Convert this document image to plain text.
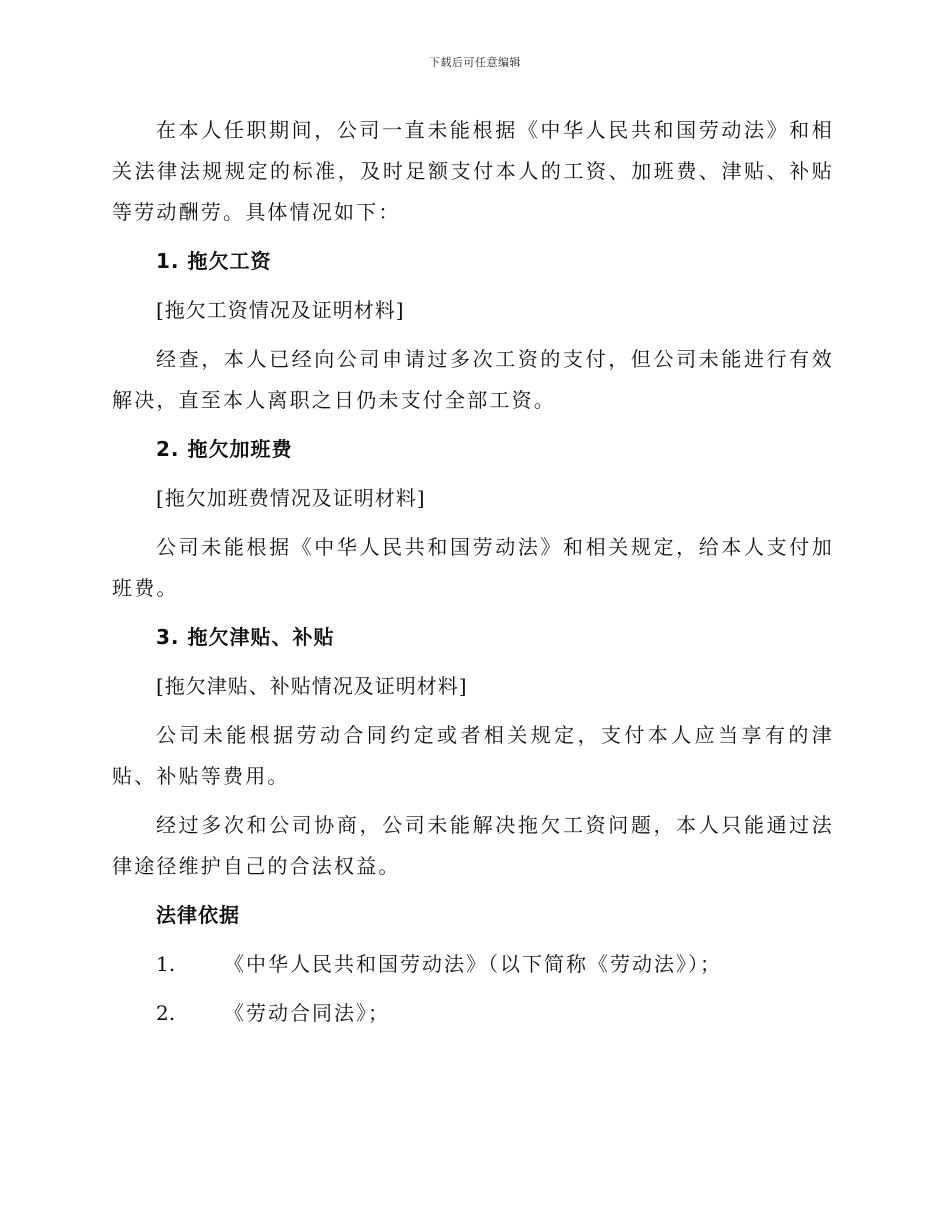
下载后可任意编辑

在本人任职期间，公司一直未能根据《中华人民共和国劳动法》和相关法律法规规定的标准，及时足额支付本人的工资、加班费、津贴、补贴等劳动酬劳。具体情况如下：

1. 拖欠工资
[拖欠工资情况及证明材料]

经查，本人已经向公司申请过多次工资的支付，但公司未能进行有效解决，直至本人离职之日仍未支付全部工资。

2. 拖欠加班费
[拖欠加班费情况及证明材料]

公司未能根据《中华人民共和国劳动法》和相关规定，给本人支付加班费。

3. 拖欠津贴、补贴
[拖欠津贴、补贴情况及证明材料]

公司未能根据劳动合同约定或者相关规定，支付本人应当享有的津贴、补贴等费用。

经过多次和公司协商，公司未能解决拖欠工资问题，本人只能通过法律途径维护自己的合法权益。

法律依据
1.	《中华人民共和国劳动法》（以下简称《劳动法》）；
2.	《劳动合同法》；
